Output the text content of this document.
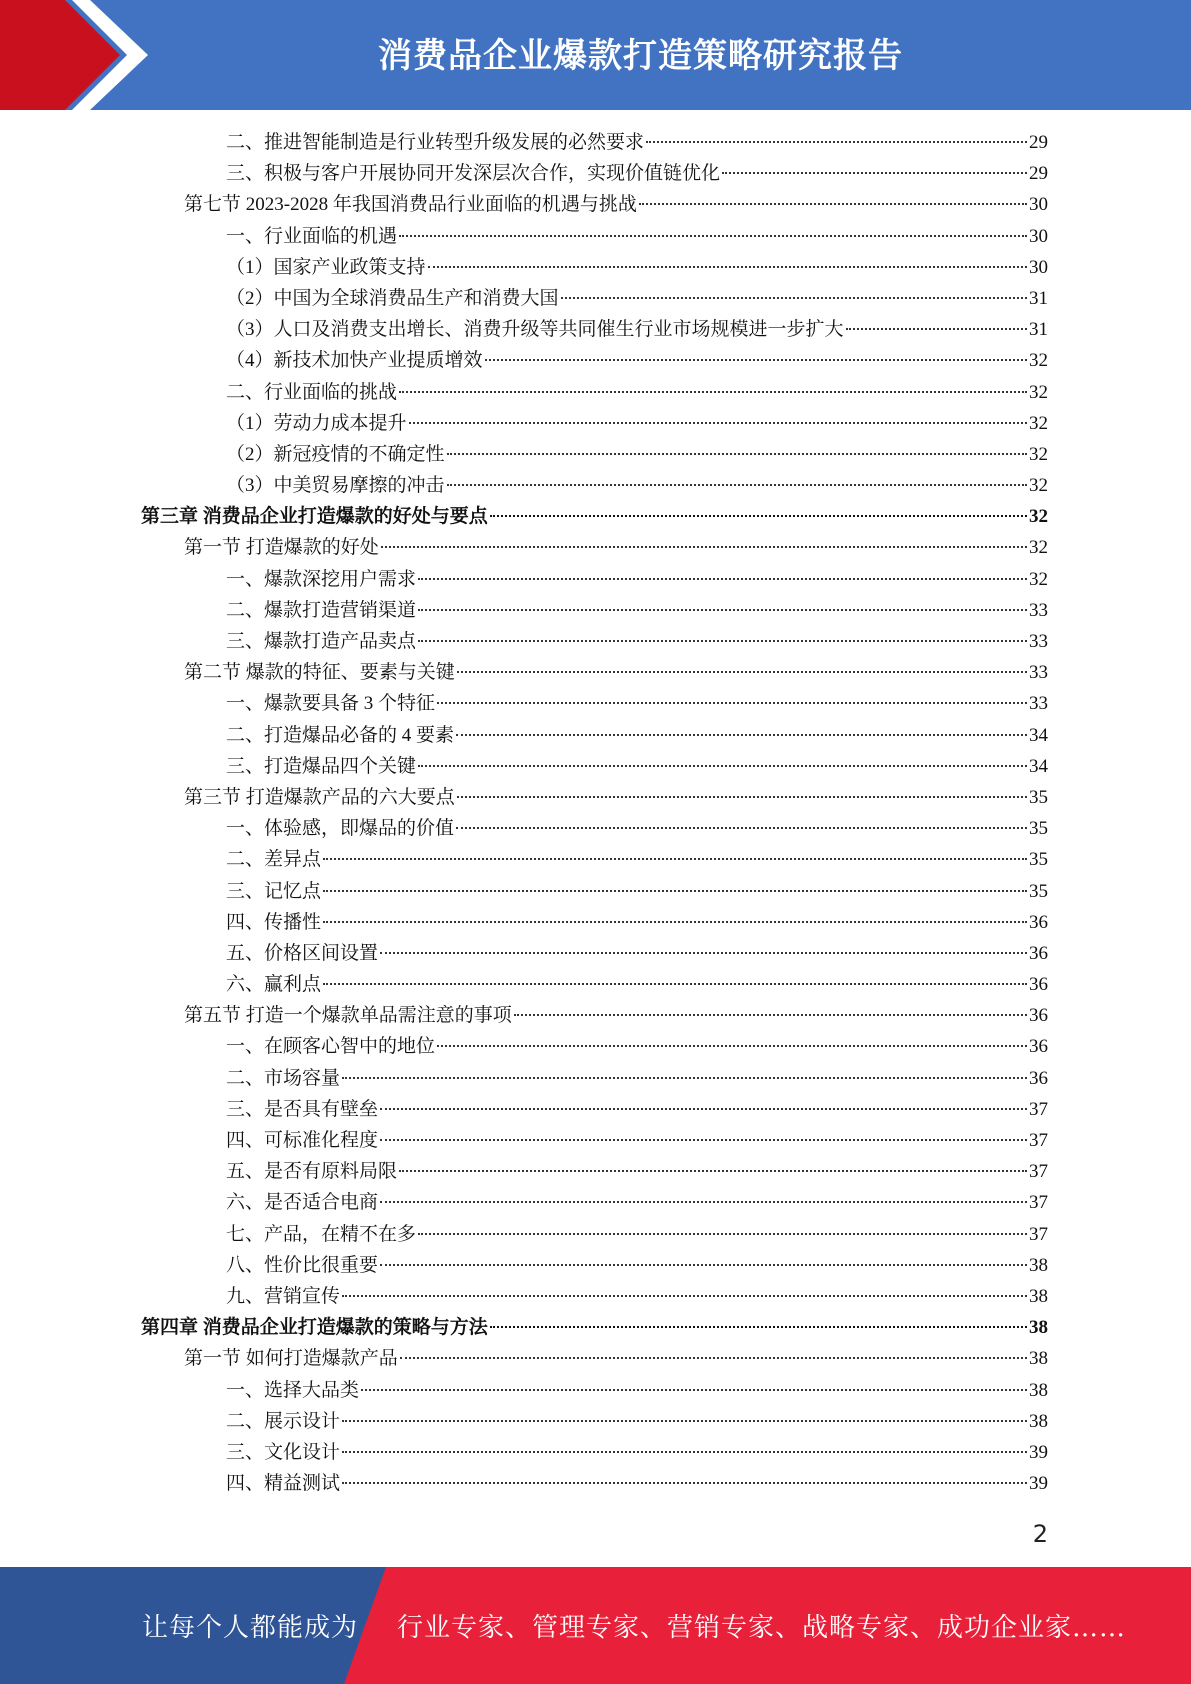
消费品企业爆款打造策略研究报告
二、推进智能制造是行业转型升级发展的必然要求	29
三、积极与客户开展协同开发深层次合作，实现价值链优化	29
第七节 2023-2028 年我国消费品行业面临的机遇与挑战	30
一、行业面临的机遇	30
（1）国家产业政策支持	30
（2）中国为全球消费品生产和消费大国	31
（3）人口及消费支出增长、消费升级等共同催生行业市场规模进一步扩大	31
（4）新技术加快产业提质增效	32
二、行业面临的挑战	32
（1）劳动力成本提升	32
（2）新冠疫情的不确定性	32
（3）中美贸易摩擦的冲击	32
第三章 消费品企业打造爆款的好处与要点	32
第一节 打造爆款的好处	32
一、爆款深挖用户需求	32
二、爆款打造营销渠道	33
三、爆款打造产品卖点	33
第二节 爆款的特征、要素与关键	33
一、爆款要具备 3 个特征	33
二、打造爆品必备的 4 要素	34
三、打造爆品四个关键	34
第三节 打造爆款产品的六大要点	35
一、体验感，即爆品的价值	35
二、差异点	35
三、记忆点	35
四、传播性	36
五、价格区间设置	36
六、赢利点	36
第五节 打造一个爆款单品需注意的事项	36
一、在顾客心智中的地位	36
二、市场容量	36
三、是否具有壁垒	37
四、可标准化程度	37
五、是否有原料局限	37
六、是否适合电商	37
七、产品，在精不在多	37
八、性价比很重要	38
九、营销宣传	38
第四章 消费品企业打造爆款的策略与方法	38
第一节 如何打造爆款产品	38
一、选择大品类	38
二、展示设计	38
三、文化设计	39
四、精益测试	39
2
让每个人都能成为 行业专家、管理专家、营销专家、战略专家、成功企业家……
